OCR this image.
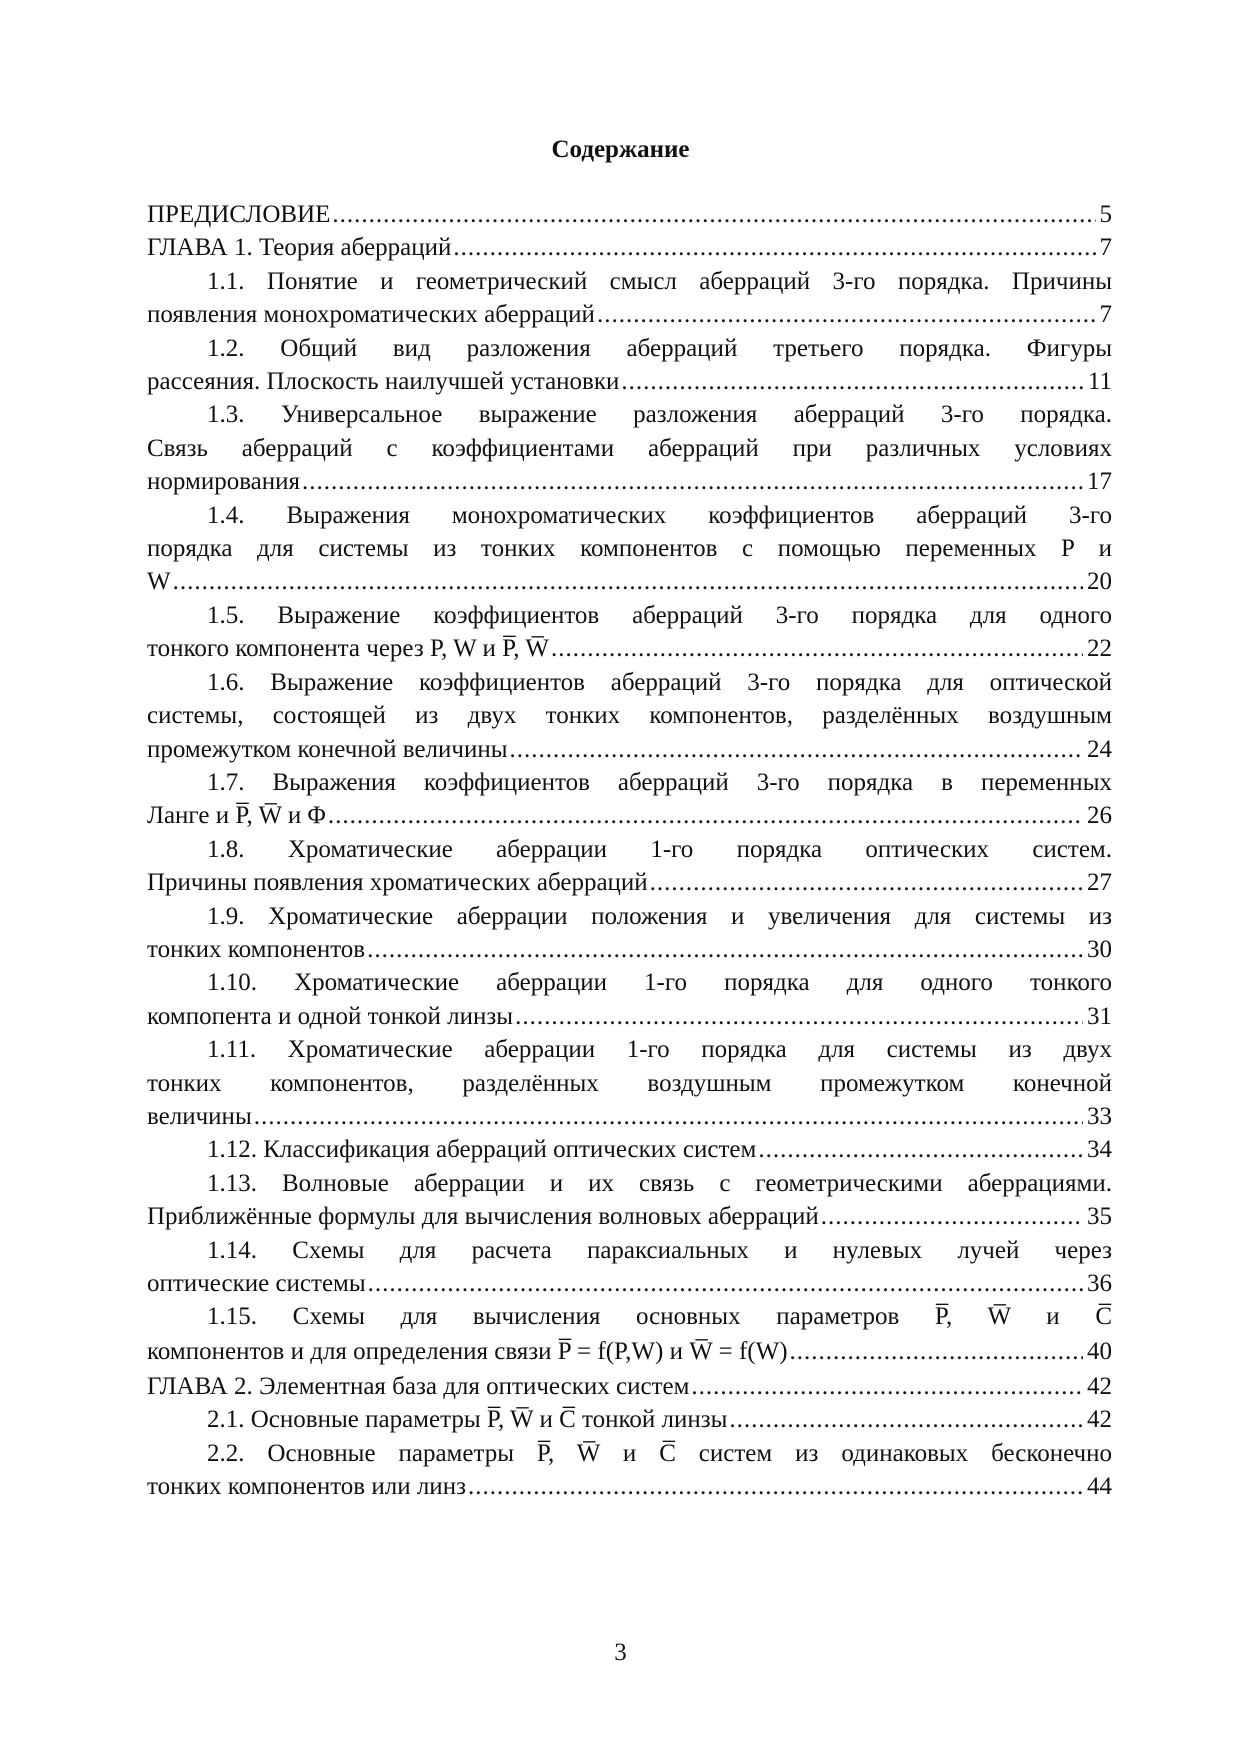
Содержание
ПРЕДИСЛОВИЕ .....	5
ГЛАВА 1. Теория аберраций .....	7
1.1. Понятие и геометрический смысл аберраций 3-го порядка. Причины
появления монохроматических аберраций .....	7
1.2. Общий вид разложения аберраций третьего порядка. Фигуры
рассеяния. Плоскость наилучшей установки .....	11
1.3. Универсальное выражение разложения аберраций 3-го порядка.
Связь аберраций с коэффициентами аберраций при различных условиях
нормирования .....	17
1.4. Выражения монохроматических коэффициентов аберраций 3-го
порядка для системы из тонких компонентов с помощью переменных P и
W .....	20
1.5. Выражение коэффициентов аберраций 3-го порядка для одного
тонкого компонента через P, W и P̅, W̅ .....	22
1.6. Выражение коэффициентов аберраций 3-го порядка для оптической
системы, состоящей из двух тонких компонентов, разделённых воздушным
промежутком конечной величины .....	24
1.7. Выражения коэффициентов аберраций 3-го порядка в переменных
Ланге и P̅, W̅ и Φ .....	26
1.8. Хроматические аберрации 1-го порядка оптических систем.
Причины появления хроматических аберраций .....	27
1.9. Хроматические аберрации положения и увеличения для системы из
тонких компонентов .....	30
1.10. Хроматические аберрации 1-го порядка для одного тонкого
компопента и одной тонкой линзы .....	31
1.11. Хроматические аберрации 1-го порядка для системы из двух
тонких компонентов, разделённых воздушным промежутком конечной
величины .....	33
1.12. Классификация аберраций оптических систем .....	34
1.13. Волновые аберрации и их связь с геометрическими аберрациями.
Приближённые формулы для вычисления волновых аберраций .....	35
1.14. Схемы для расчета параксиальных и нулевых лучей через
оптические системы .....	36
1.15. Схемы для вычисления основных параметров P̅, W̅ и C̅
компонентов и для определения связи P̅ = f(P,W) и W̅ = f(W) .....	40
ГЛАВА 2. Элементная база для оптических систем .....	42
2.1. Основные параметры P̅, W̅ и C̅ тонкой линзы .....	42
2.2. Основные параметры P̅, W̅ и C̅ систем из одинаковых бесконечно
тонких компонентов или линз .....	44
3
